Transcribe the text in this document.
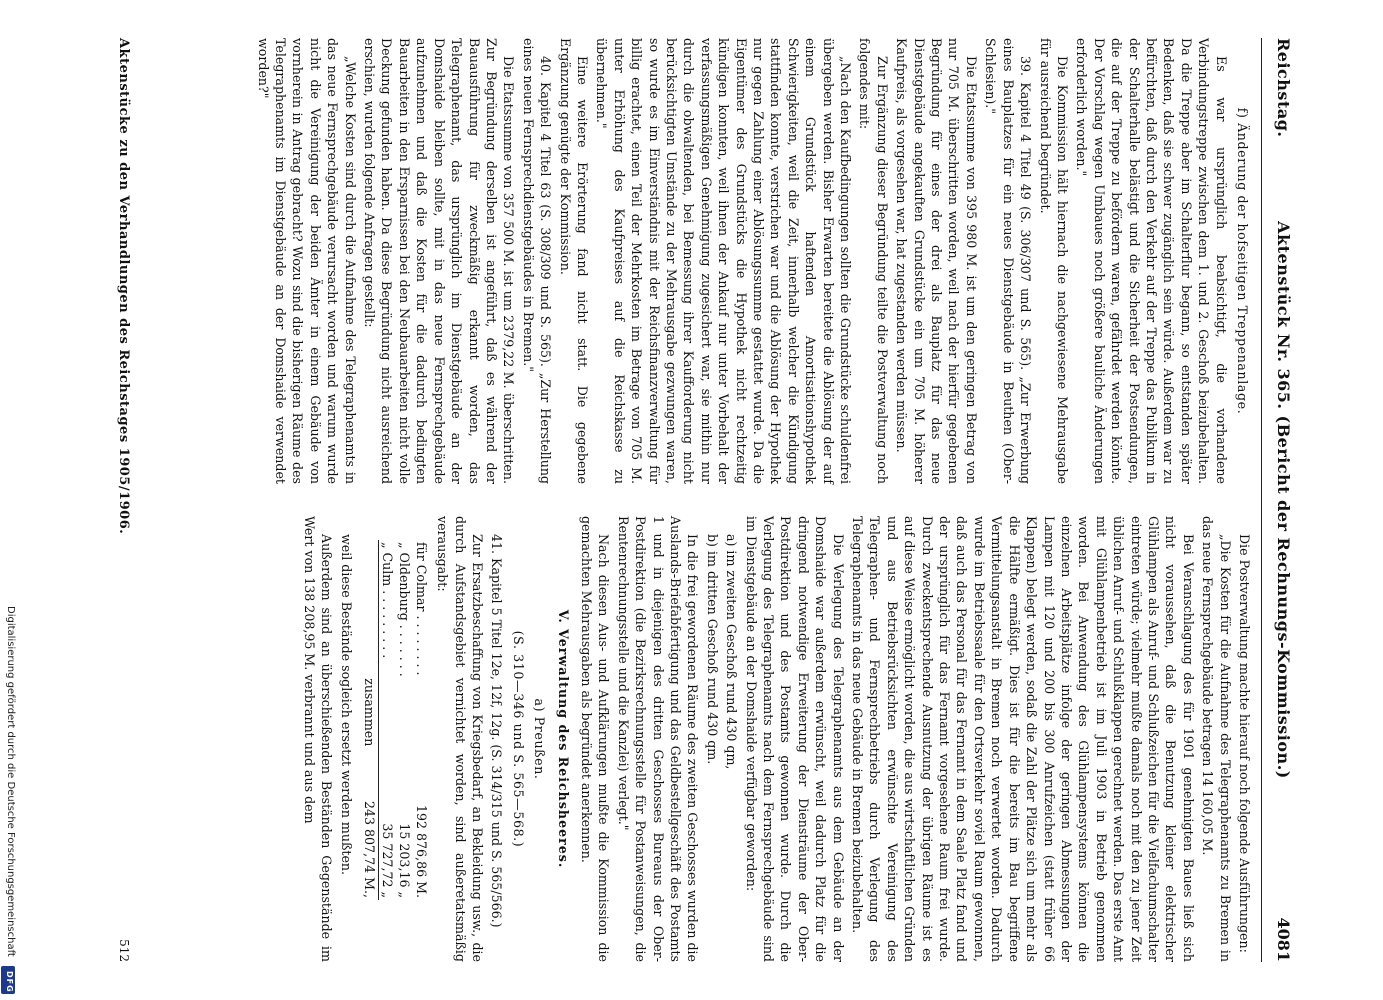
Digitalisierung gefördert durch die Deutsche Forschungsgemeinschaft
DFG
Reichstag.
Aktenstück Nr. 365. (Bericht der Rechnungs-Kommission.)
4081

f) Änderung der hofseitigen Treppenanlage.

Es war ursprünglich beabsichtigt, die vorhandene Verbindungstreppe zwischen dem 1. und 2. Geschoß beizubehalten. Da die Treppe aber im Schalterflur begann, so entstanden später Bedenken, daß sie schwer zugänglich sein würde. Außerdem war zu befürchten, daß durch den Verkehr auf der Treppe das Publikum in der Schalterhalle belästigt und die Sicherheit der Postsendungen, die auf der Treppe zu befördern waren, gefährdet werden könnte. Der Vorschlag wegen Umbaues noch größere bauliche Änderungen erforderlich worden."

Die Kommission hält hiernach die nachgewiesene Mehrausgabe für ausreichend begründet.

39. Kapitel 4 Titel 49 (S. 306/307 und S. 565). „Zur Erwerbung eines Bauplatzes für ein neues Dienstgebäude in Beuthen (Ober-Schlesien)."

Die Etatssumme von 395 980 M. ist um den geringen Betrag von nur 705 M. überschritten worden, weil nach der hierfür gegebenen Begründung für eines der drei als Bauplatz für das neue Dienstgebäude angekauften Grundstücke ein um 705 M. höherer Kaufpreis, als vorgesehen war, hat zugestanden werden müssen.

Zur Ergänzung dieser Begründung teilte die Postverwaltung noch folgendes mit:

„Nach den Kaufbedingungen sollten die Grundstücke schuldenfrei übergeben werden. Bisher Erwarten bereitete die Ablösung der auf einem Grundstück haftenden Amortisationshypothek Schwierigkeiten, weil die Zeit, innerhalb welcher die Kündigung stattfinden konnte, verstrichen war und die Ablösung der Hypothek nur gegen Zahlung einer Ablösungssumme gestattet wurde. Da die Eigentümer des Grundstücks die Hypothek nicht rechtzeitig kündigen konnten, weil ihnen der Ankauf nur unter Vorbehalt der verfassungsmäßigen Genehmigung zugesichert war, sie mithin nur durch die obwaltenden, bei Bemessung ihrer Kaufforderung nicht berücksichtigten Umstände zu der Mehrausgabe gezwungen waren, so wurde es im Einverständnis mit der Reichsfinanzverwaltung für billig erachtet, einen Teil der Mehrkosten im Betrage von 705 M. unter Erhöhung des Kaufpreises auf die Reichskasse zu übernehmen."

Eine weitere Erörterung fand nicht statt. Die gegebene Ergänzung genügte der Kommission.

40. Kapitel 4 Titel 63 (S. 308/309 und S. 565). „Zur Herstellung eines neuen Fernsprechdienstgebäudes in Bremen."

Die Etatssumme von 357 500 M. ist um 2379,22 M. überschritten. Zur Begründung derselben ist angeführt, daß es während der Bauausführung für zweckmäßig erkannt worden, das Telegraphenamt, das ursprünglich im Dienstgebäude an der Domshaide bleiben sollte, mit in das neue Fernsprechgebäude aufzunehmen und daß die Kosten für die dadurch bedingten Bauarbeiten in den Ersparnissen bei den Neubauarbeiten nicht volle Deckung gefunden haben. Da diese Begründung nicht ausreichend erschien, wurden folgende Anfragen gestellt:

„Welche Kosten sind durch die Aufnahme des Telegraphenamts in das neue Fernsprechgebäude verursacht worden und warum wurde nicht die Vereinigung der beiden Ämter in einem Gebäude von vornherein in Antrag gebracht? Wozu sind die bisherigen Räume des Telegraphenamts im Dienstgebäude an der Domshaide verwendet worden?"

Die Postverwaltung machte hierauf noch folgende Ausführungen:

„Die Kosten für die Aufnahme des Telegraphenamts zu Bremen in das neue Fernsprechgebäude betragen 14 160,05 M.

Bei Veranschlagung des für 1901 genehmigten Baues ließ sich nicht voraussehen, daß die Benutzung kleiner elektrischer Glühlampen als Anruf- und Schlußzeichen für die Vielfachumschalter eintreten würde; vielmehr mußte damals noch mit den zu jener Zeit üblichen Anruf- und Schlußklappen gerechnet werden. Das erste Amt mit Glühlampenbetrieb ist im Juli 1903 in Betrieb genommen worden. Bei Anwendung des Glühlampensystems können die einzelnen Arbeitsplätze infolge der geringen Abmessungen der Lampen mit 120 und 200 bis 300 Anrufzeichen (statt früher 66 Klappen) belegt werden, sodaß die Zahl der Plätze sich um mehr als die Hälfte ermäßigt. Dies ist für die bereits im Bau begriffene Vermittelungsanstalt in Bremen noch verwertet worden. Dadurch wurde im Betriebssaale für den Ortsverkehr soviel Raum gewonnen, daß auch das Personal für das Fernamt in dem Saale Platz fand und der ursprünglich für das Fernamt vorgesehene Raum frei wurde. Durch zweckentsprechende Ausnutzung der übrigen Räume ist es auf diese Weise ermöglicht worden, die aus wirtschaftlichen Gründen und aus Betriebsrücksichten erwünschte Vereinigung des Telegraphen- und Fernsprechbetriebs durch Verlegung des Telegraphenamts in das neue Gebäude in Bremen beizubehalten.

Die Verlegung des Telegraphenamts aus dem Gebäude an der Domshaide war außerdem erwünscht, weil dadurch Platz für die dringend notwendige Erweiterung der Diensträume der Ober-Postdirektion und des Postamts gewonnen wurde. Durch die Verlegung des Telegraphenamts nach dem Fernsprechgebäude sind im Dienstgebäude an der Domshaide verfügbar geworden:

a) im zweiten Geschoß rund 430 qm,

b) im dritten Geschoß rund 430 qm.

In die frei gewordenen Räume des zweiten Geschosses wurden die Auslands-Briefabfertigung und das Geldbestellgeschäft des Postamts 1 und in diejenigen des dritten Geschosses Bureaus der Ober-Postdirektion (die Bezirksrechnungsstelle für Postanweisungen, die Rentenrechnungsstelle und die Kanzlei) verlegt."

Nach diesen Aus- und Aufklärungen mußte die Kommission die gemachten Mehrausgaben als begründet anerkennen.

V. Verwaltung des Reichsheeres.

a) Preußen.

(S. 310—346 und S. 565—568.)

41. Kapitel 5 Titel 12e, 12f, 12g. (S. 314/315 und S. 565/566.)

Zur Ersatzbeschaffung von Kriegsbedarf, an Bekleidung usw., die durch Aufstandsgebiet vernichtet worden, sind außeretatsmäßig verausgabt:

für Colmar . . . . . . . .	192 876,86 M.
„ Oldenburg . . . . . . .	15 203,16 „
„ Culm . . . . . . . . .	35 727,72 „
zusammen	243 807,74 M.,

weil diese Bestände sogleich ersetzt werden mußten.

Außerdem sind an überschießenden Beständen Gegenstände im Wert von 138 208,95 M. verbrannt und aus dem

Aktenstücke zu den Verhandlungen des Reichstages 1905/1906.
512
